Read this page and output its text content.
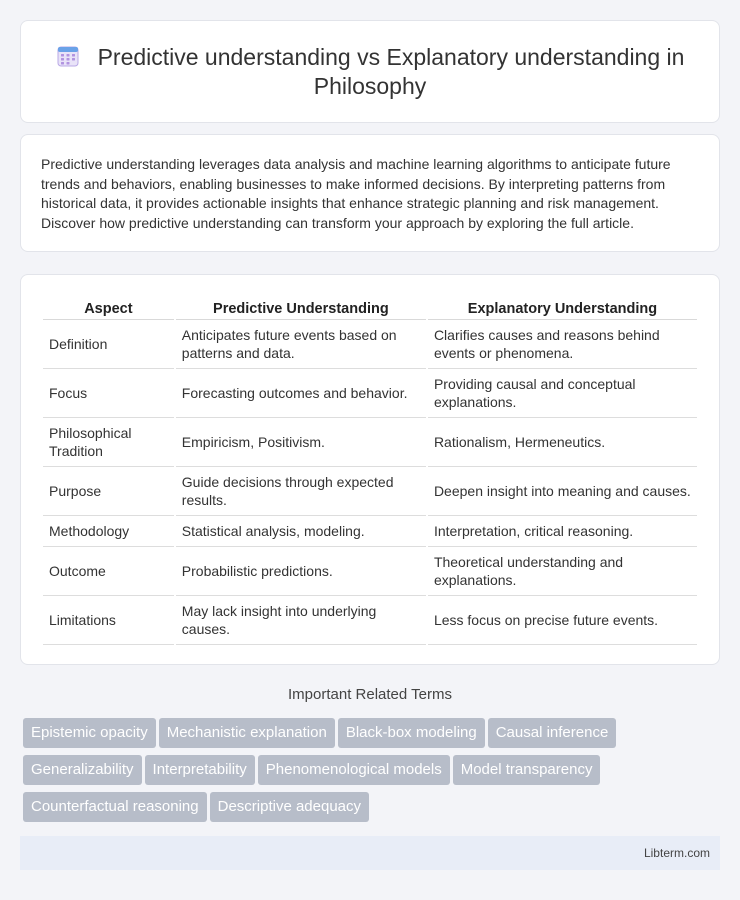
Predictive understanding vs Explanatory understanding in Philosophy

Predictive understanding leverages data analysis and machine learning algorithms to anticipate future trends and behaviors, enabling businesses to make informed decisions. By interpreting patterns from historical data, it provides actionable insights that enhance strategic planning and risk management. Discover how predictive understanding can transform your approach by exploring the full article.

Aspect	Predictive Understanding	Explanatory Understanding
Definition	Anticipates future events based on patterns and data.	Clarifies causes and reasons behind events or phenomena.
Focus	Forecasting outcomes and behavior.	Providing causal and conceptual explanations.
Philosophical Tradition	Empiricism, Positivism.	Rationalism, Hermeneutics.
Purpose	Guide decisions through expected results.	Deepen insight into meaning and causes.
Methodology	Statistical analysis, modeling.	Interpretation, critical reasoning.
Outcome	Probabilistic predictions.	Theoretical understanding and explanations.
Limitations	May lack insight into underlying causes.	Less focus on precise future events.
Important Related Terms
Epistemic opacity Mechanistic explanation Black-box modeling Causal inference
Generalizability Interpretability Phenomenological models Model transparency
Counterfactual reasoning Descriptive adequacy
Libterm.com
